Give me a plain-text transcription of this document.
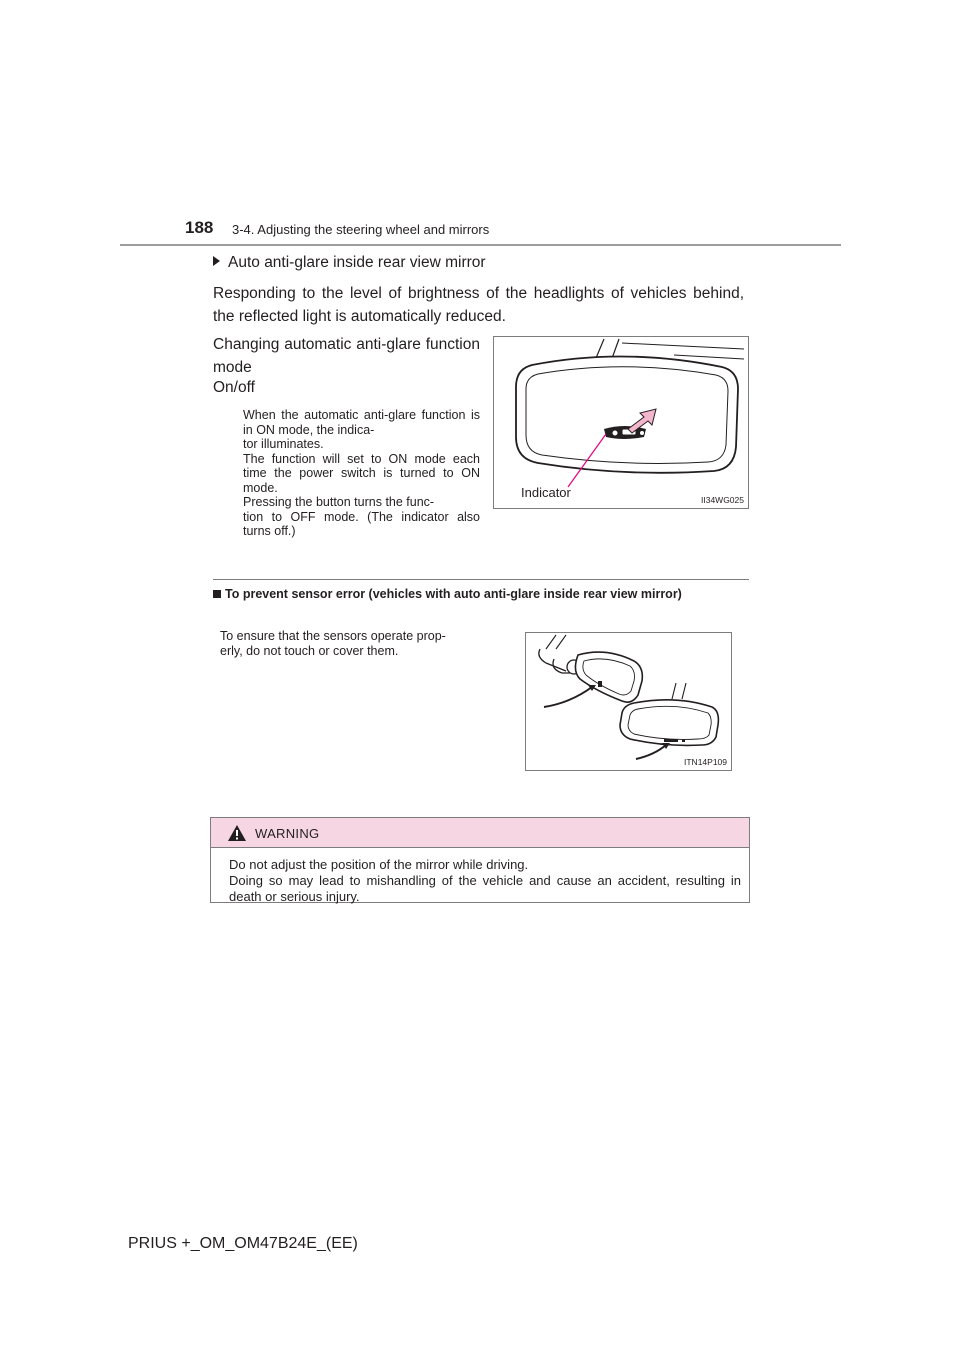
188 3-4. Adjusting the steering wheel and mirrors
Auto anti-glare inside rear view mirror
Responding to the level of brightness of the headlights of vehicles behind, the reflected light is automatically reduced.
Changing automatic anti-glare function mode
On/off
When the automatic anti-glare function is in ON mode, the indica-
tor illuminates.
The function will set to ON mode each time the power switch is turned to ON mode.
Pressing the button turns the func-
tion to OFF mode. (The indicator also turns off.)
Indicator	II34WG025
To prevent sensor error (vehicles with auto anti-glare inside rear view mirror)
To ensure that the sensors operate prop-
erly, do not touch or cover them.
ITN14P109
WARNING
Do not adjust the position of the mirror while driving.
Doing so may lead to mishandling of the vehicle and cause an accident, resulting in death or serious injury.
PRIUS +_OM_OM47B24E_(EE)
